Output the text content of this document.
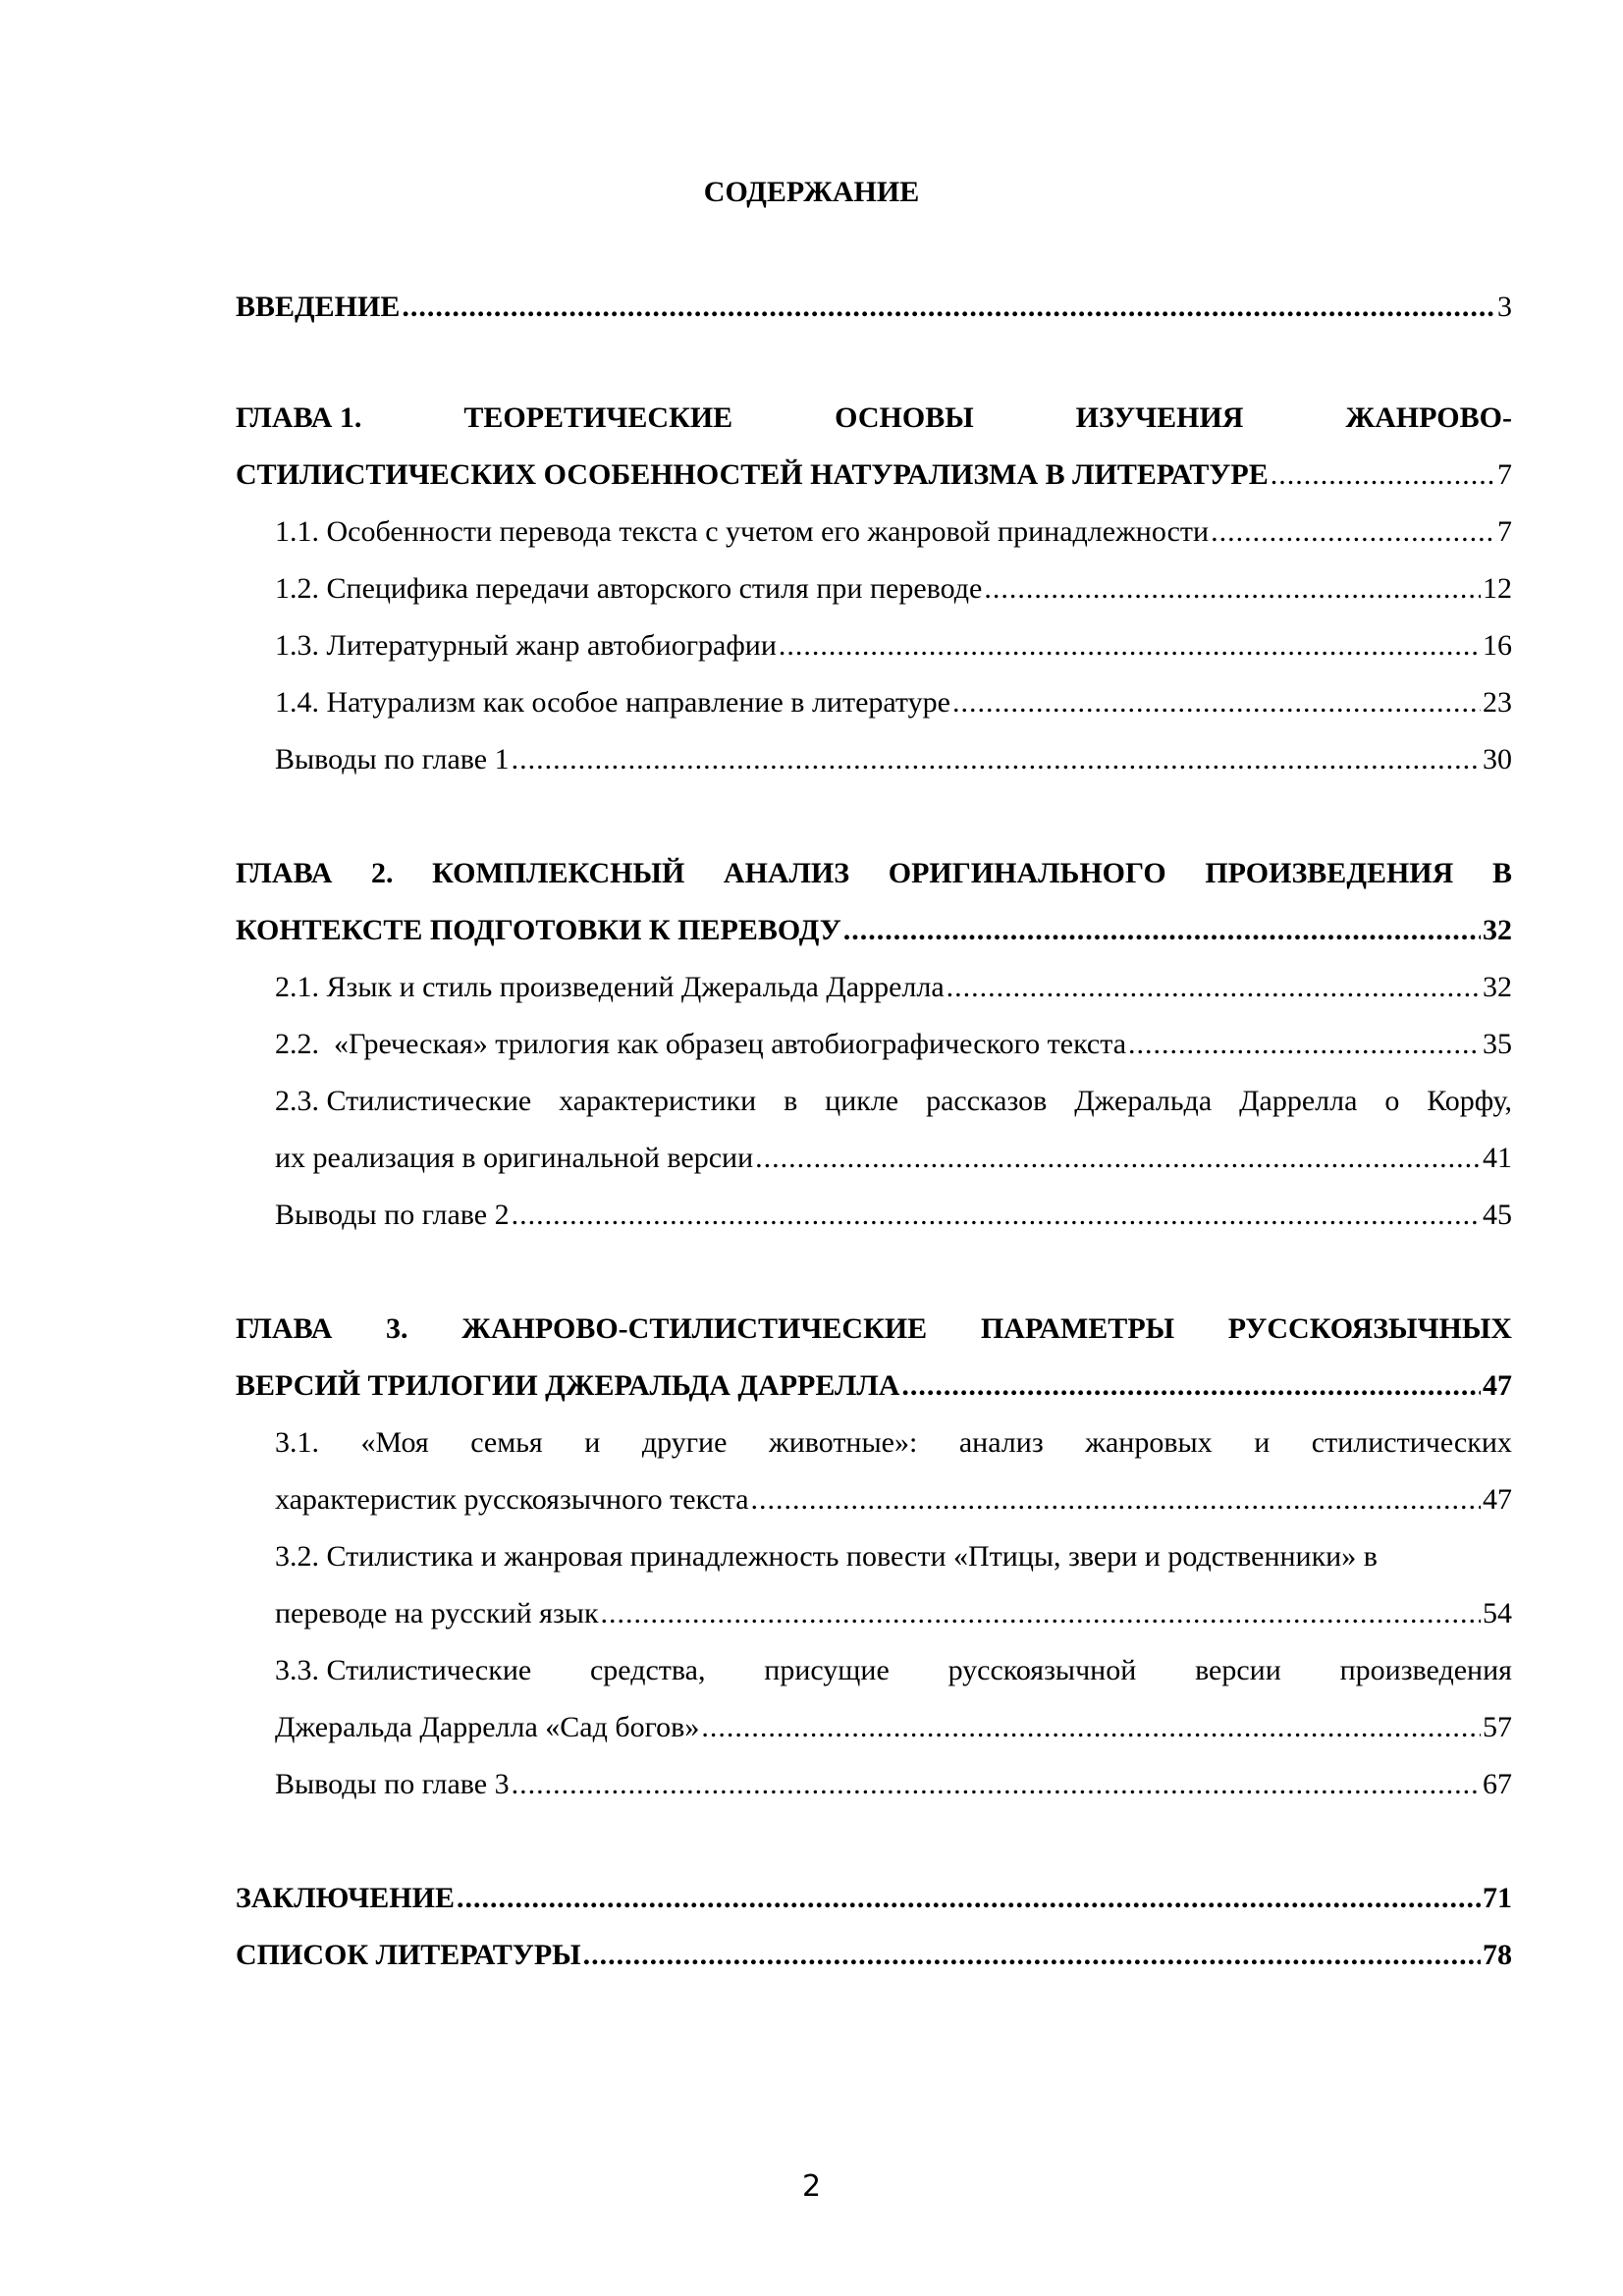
СОДЕРЖАНИЕ
ВВЕДЕНИЕ .....	3
ГЛАВА 1.	ТЕОРЕТИЧЕСКИЕ	ОСНОВЫ	ИЗУЧЕНИЯ	ЖАНРОВО-
СТИЛИСТИЧЕСКИХ ОСОБЕННОСТЕЙ НАТУРАЛИЗМА В ЛИТЕРАТУРЕ .....	7
1.1. Особенности перевода текста с учетом его жанровой принадлежности .....	7
1.2. Специфика передачи авторского стиля при переводе .....	12
1.3. Литературный жанр автобиографии .....	16
1.4. Натурализм как особое направление в литературе .....	23
Выводы по главе 1 .....	30
ГЛАВА 2. КОМПЛЕКСНЫЙ АНАЛИЗ ОРИГИНАЛЬНОГО ПРОИЗВЕДЕНИЯ В
КОНТЕКСТЕ ПОДГОТОВКИ К ПЕРЕВОДУ .....	32
2.1. Язык и стиль произведений Джеральда Даррелла .....	32
2.2.  «Греческая» трилогия как образец автобиографического текста .....	35
2.3. Стилистические характеристики в цикле рассказов Джеральда Даррелла о Корфу,
их реализация в оригинальной версии .....	41
Выводы по главе 2 .....	45
ГЛАВА 3. ЖАНРОВО-СТИЛИСТИЧЕСКИЕ ПАРАМЕТРЫ РУССКОЯЗЫЧНЫХ
ВЕРСИЙ ТРИЛОГИИ ДЖЕРАЛЬДА ДАРРЕЛЛА .....	47
3.1. «Моя семья и другие животные»: анализ жанровых и стилистических
характеристик русскоязычного текста .....	47
3.2. Стилистика и жанровая принадлежность повести «Птицы, звери и родственники» в
переводе на русский язык .....	54
3.3. Стилистические средства, присущие русскоязычной версии произведения
Джеральда Даррелла «Сад богов» .....	57
Выводы по главе 3 .....	67
ЗАКЛЮЧЕНИЕ .....	71
СПИСОК ЛИТЕРАТУРЫ .....	78
2
